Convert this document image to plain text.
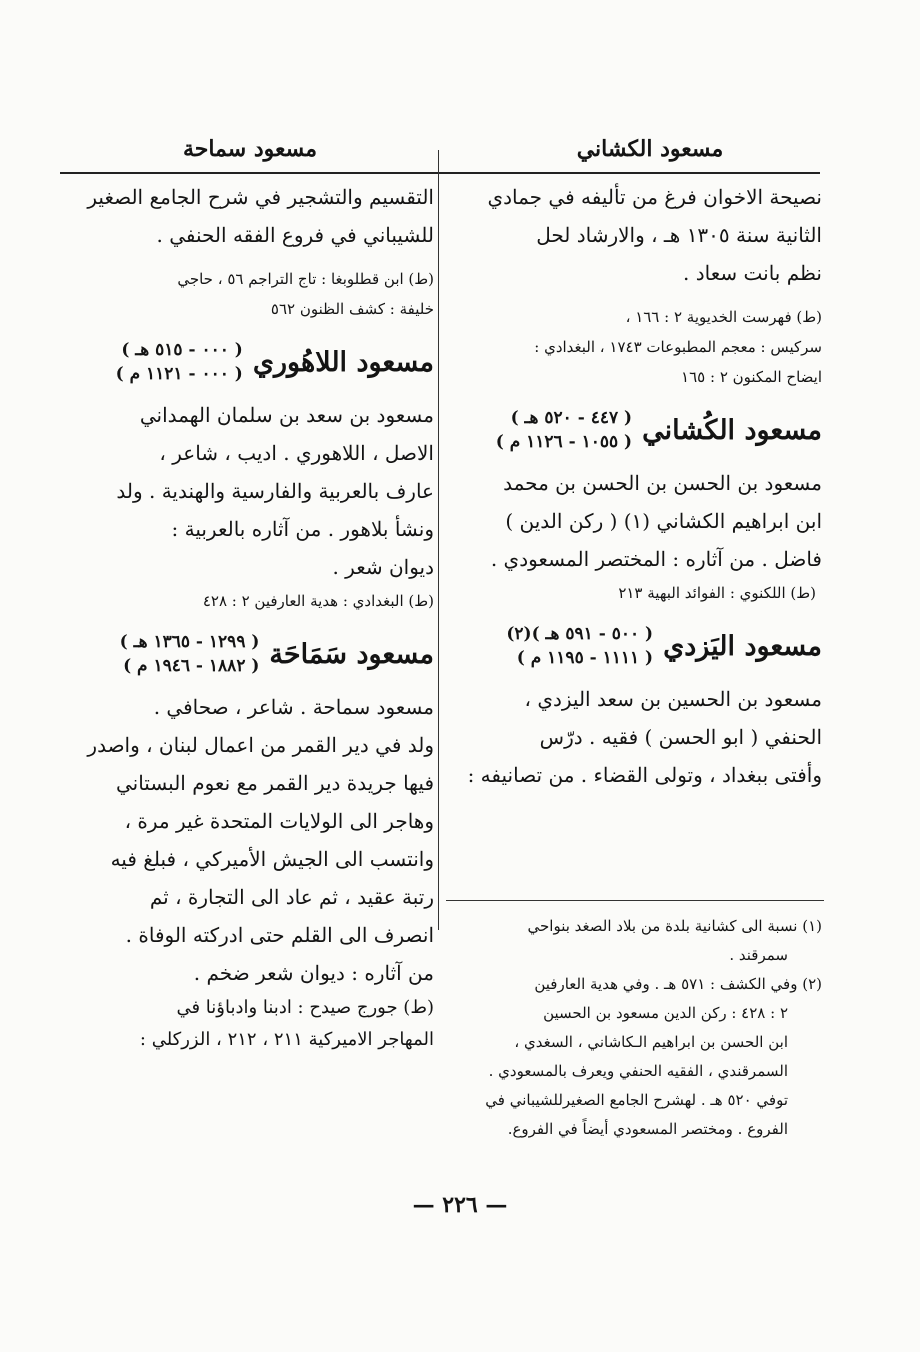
مسعود الكشاني
مسعود سماحة

نصيحة الاخوان فرغ من تأليفه في جمادي

الثانية سنة ١٣٠٥ هـ ، والارشاد لحل

نظم بانت سعاد .

(ط) فهرست الخديوية ٢ : ١٦٦ ،

سركيس : معجم المطبوعات ١٧٤٣ ، البغدادي :

ايضاح المكنون ٢ : ١٦٥

مسعود الكُشاني
( ٤٤٧ - ٥٢٠ هـ )
( ١٠٥٥ - ١١٢٦ م )

مسعود بن الحسن بن الحسن بن محمد

ابن ابراهيم الكشاني (١) ( ركن الدين )

فاضل . من آثاره : المختصر المسعودي .

(ط) اللكنوي : الفوائد البهية ٢١٣

مسعود اليَزدي
( ٥٠٠ - ٥٩١ هـ )(٢)
( ١١١١ - ١١٩٥ م )

مسعود بن الحسين بن سعد اليزدي ،

الحنفي ( ابو الحسن ) فقيه . درّس

وأفتى ببغداد ، وتولى القضاء . من تصانيفه :

(١) نسبة الى كشانية بلدة من بلاد الصغد بنواحي

سمرقند .

(٢) وفي الكشف : ٥٧١ هـ . وفي هدية العارفين

٢ : ٤٢٨ : ركن الدين مسعود بن الحسين

ابن الحسن بن ابراهيم الـكاشاني ، السغدي ،

السمرقندي ، الفقيه الحنفي ويعرف بالمسعودي .

توفي ٥٢٠ هـ . لهشرح الجامع الصغيرللشيباني في

الفروع . ومختصر المسعودي أيضاً في الفروع.

التقسيم والتشجير في شرح الجامع الصغير

للشيباني في فروع الفقه الحنفي .

(ط) ابن قطلوبغا : تاج التراجم ٥٦ ، حاجي

خليفة : كشف الظنون ٥٦٢

مسعود اللاهُوري
( ٠٠٠ - ٥١٥ هـ )
( ٠٠٠ - ١١٢١ م )

مسعود بن سعد بن سلمان الهمداني

الاصل ، اللاهوري . اديب ، شاعر ،

عارف بالعربية والفارسية والهندية . ولد

ونشأ بلاهور . من آثاره بالعربية :

ديوان شعر .

(ط) البغدادي : هدية العارفين ٢ : ٤٢٨

مسعود سَمَاحَة
( ١٢٩٩ - ١٣٦٥ هـ )
( ١٨٨٢ - ١٩٤٦ م )

مسعود سماحة . شاعر ، صحافي .

ولد في دير القمر من اعمال لبنان ، واصدر

فيها جريدة دير القمر مع نعوم البستاني

وهاجر الى الولايات المتحدة غير مرة ،

وانتسب الى الجيش الأميركي ، فبلغ فيه

رتبة عقيد ، ثم عاد الى التجارة ، ثم

انصرف الى القلم حتى ادركته الوفاة .

من آثاره : ديوان شعر ضخم .

(ط) جورج صيدح : ادبنا وادباؤنا في

المهاجر الاميركية ٢١١ ، ٢١٢ ، الزركلي :

— ٢٢٦ —
